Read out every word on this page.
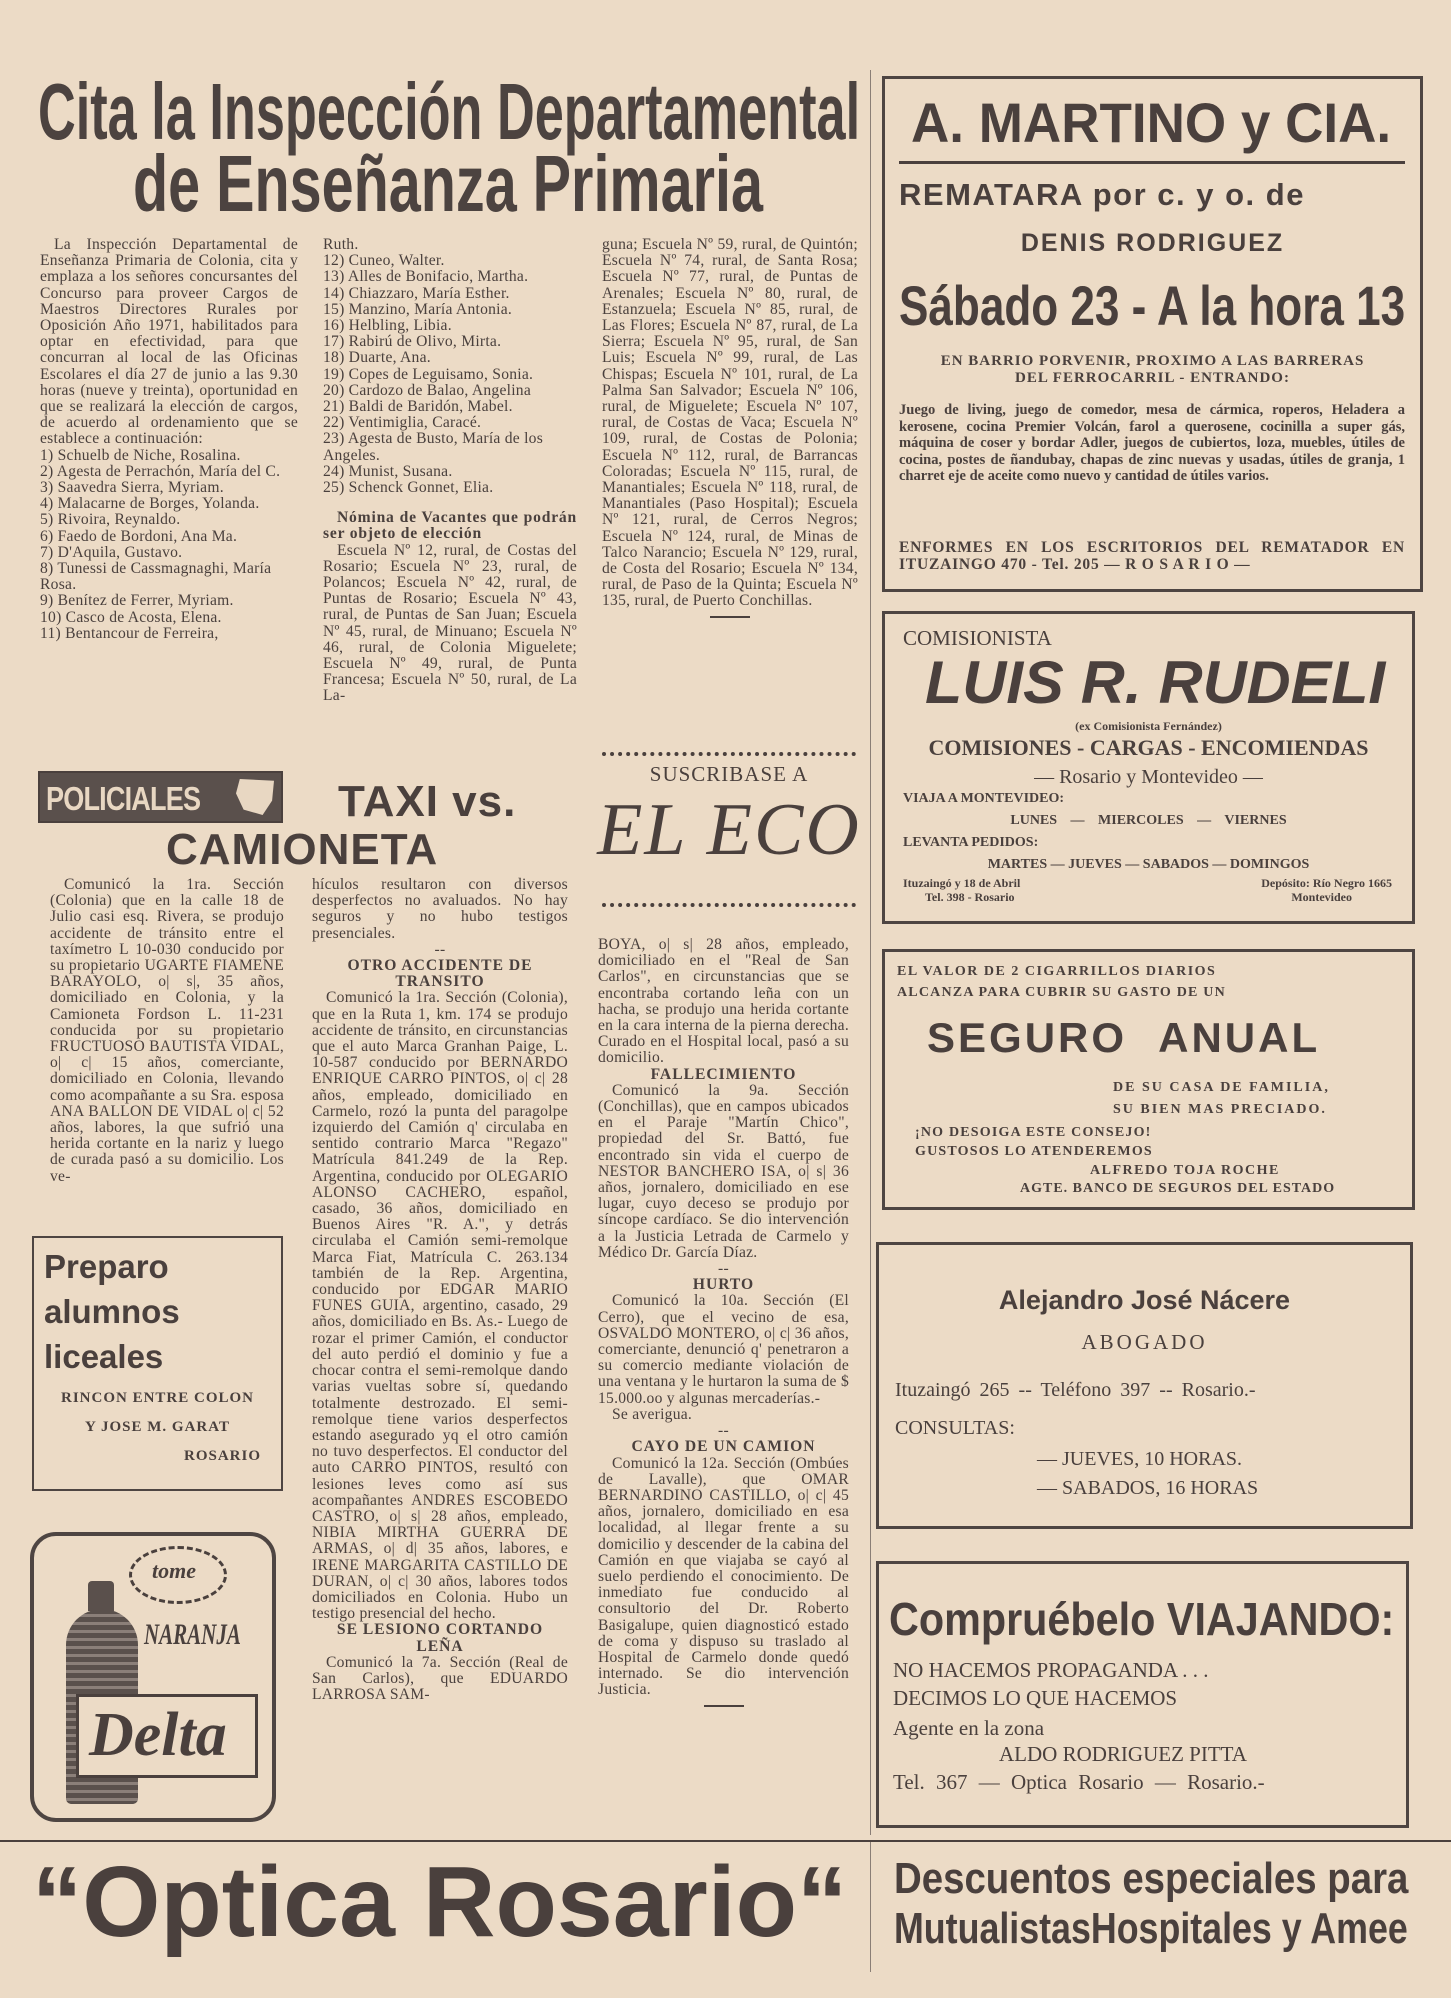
Cita la Inspección Departamental
de Enseñanza Primaria

La Inspección Departamental de Enseñanza Primaria de Colonia, cita y emplaza a los señores concursantes del Concurso para proveer Cargos de Maestros Directores Rurales por Oposición Año 1971, habilitados para optar en efectividad, para que concurran al local de las Oficinas Escolares el día 27 de junio a las 9.30 horas (nueve y treinta), oportunidad en que se realizará la elección de cargos, de acuerdo al ordenamiento que se establece a continuación:

1) Schuelb de Niche, Rosalina.

2) Agesta de Perrachón, María del C.

3) Saavedra Sierra, Myriam.

4) Malacarne de Borges, Yolanda.

5) Rivoira, Reynaldo.

6) Faedo de Bordoni, Ana Ma.

7) D'Aquila, Gustavo.

8) Tunessi de Cassmagnaghi, María Rosa.

9) Benítez de Ferrer, Myriam.

10) Casco de Acosta, Elena.

11) Bentancour de Ferreira,

Ruth.

12) Cuneo, Walter.

13) Alles de Bonifacio, Martha.

14) Chiazzaro, María Esther.

15) Manzino, María Antonia.

16) Helbling, Libia.

17) Rabirú de Olivo, Mirta.

18) Duarte, Ana.

19) Copes de Leguisamo, Sonia.

20) Cardozo de Balao, Angelina

21) Baldi de Baridón, Mabel.

22) Ventimiglia, Caracé.

23) Agesta de Busto, María de los Angeles.

24) Munist, Susana.

25) Schenck Gonnet, Elia.

Nómina de Vacantes que podrán ser objeto de elección

Escuela Nº 12, rural, de Costas del Rosario; Escuela Nº 23, rural, de Polancos; Escuela Nº 42, rural, de Puntas de Rosario; Escuela Nº 43, rural, de Puntas de San Juan; Escuela Nº 45, rural, de Minuano; Escuela Nº 46, rural, de Colonia Miguelete; Escuela Nº 49, rural, de Punta Francesa; Escuela Nº 50, rural, de La La-

guna; Escuela Nº 59, rural, de Quintón; Escuela Nº 74, rural, de Santa Rosa; Escuela Nº 77, rural, de Puntas de Arenales; Escuela Nº 80, rural, de Estanzuela; Escuela Nº 85, rural, de Las Flores; Escuela Nº 87, rural, de La Sierra; Escuela Nº 95, rural, de San Luis; Escuela Nº 99, rural, de Las Chispas; Escuela Nº 101, rural, de La Palma San Salvador; Escuela Nº 106, rural, de Miguelete; Escuela Nº 107, rural, de Costas de Vaca; Escuela Nº 109, rural, de Costas de Polonia; Escuela Nº 112, rural, de Barrancas Coloradas; Escuela Nº 115, rural, de Manantiales; Escuela Nº 118, rural, de Manantiales (Paso Hospital); Escuela Nº 121, rural, de Cerros Negros; Escuela Nº 124, rural, de Minas de Talco Narancio; Escuela Nº 129, rural, de Costa del Rosario; Escuela Nº 134, rural, de Paso de la Quinta; Escuela Nº 135, rural, de Puerto Conchillas.

SUSCRIBASE A
EL ECO
POLICIALES	TAXI vs.
CAMIONETA

Comunicó la 1ra. Sección (Colonia) que en la calle 18 de Julio casi esq. Rivera, se produjo accidente de tránsito entre el taxímetro L 10-030 conducido por su propietario UGARTE FIAMENE BARAYOLO, o| s|, 35 años, domiciliado en Colonia, y la Camioneta Fordson L. 11-231 conducida por su propietario FRUCTUOSO BAUTISTA VIDAL, o| c| 15 años, comerciante, domiciliado en Colonia, llevando como acompañante a su Sra. esposa ANA BALLON DE VIDAL o| c| 52 años, labores, la que sufrió una herida cortante en la nariz y luego de curada pasó a su domicilio. Los ve-

hículos resultaron con diversos desperfectos no avaluados. No hay seguros y no hubo testigos presenciales.

--

OTRO ACCIDENTE DE TRANSITO

Comunicó la 1ra. Sección (Colonia), que en la Ruta 1, km. 174 se produjo accidente de tránsito, en circunstancias que el auto Marca Granhan Paige, L. 10-587 conducido por BERNARDO ENRIQUE CARRO PINTOS, o| c| 28 años, empleado, domiciliado en Carmelo, rozó la punta del paragolpe izquierdo del Camión q' circulaba en sentido contrario Marca "Regazo" Matrícula 841.249 de la Rep. Argentina, conducido por OLEGARIO ALONSO CACHERO, español, casado, 36 años, domiciliado en Buenos Aires "R. A.", y detrás circulaba el Camión semi-remolque Marca Fiat, Matrícula C. 263.134 también de la Rep. Argentina, conducido por EDGAR MARIO FUNES GUIA, argentino, casado, 29 años, domiciliado en Bs. As.- Luego de rozar el primer Camión, el conductor del auto perdió el dominio y fue a chocar contra el semi-remolque dando varias vueltas sobre sí, quedando totalmente destrozado. El semi-remolque tiene varios desperfectos estando asegurado yq el otro camión no tuvo desperfectos. El conductor del auto CARRO PINTOS, resultó con lesiones leves como así sus acompañantes ANDRES ESCOBEDO CASTRO, o| s| 28 años, empleado, NIBIA MIRTHA GUERRA DE ARMAS, o| d| 35 años, labores, e IRENE MARGARITA CASTILLO DE DURAN, o| c| 30 años, labores todos domiciliados en Colonia. Hubo un testigo presencial del hecho.

SE LESIONO CORTANDO LEÑA

Comunicó la 7a. Sección (Real de San Carlos), que EDUARDO LARROSA SAM-

BOYA, o| s| 28 años, empleado, domiciliado en el "Real de San Carlos", en circunstancias que se encontraba cortando leña con un hacha, se produjo una herida cortante en la cara interna de la pierna derecha. Curado en el Hospital local, pasó a su domicilio.

FALLECIMIENTO

Comunicó la 9a. Sección (Conchillas), que en campos ubicados en el Paraje "Martín Chico", propiedad del Sr. Battó, fue encontrado sin vida el cuerpo de NESTOR BANCHERO ISA, o| s| 36 años, jornalero, domiciliado en ese lugar, cuyo deceso se produjo por síncope cardíaco. Se dio intervención a la Justicia Letrada de Carmelo y Médico Dr. García Díaz.

--

HURTO

Comunicó la 10a. Sección (El Cerro), que el vecino de esa, OSVALDO MONTERO, o| c| 36 años, comerciante, denunció q' penetraron a su comercio mediante violación de una ventana y le hurtaron la suma de $ 15.000.oo y algunas mercaderías.-

Se averigua.

--

CAYO DE UN CAMION

Comunicó la 12a. Sección (Ombúes de Lavalle), que OMAR BERNARDINO CASTILLO, o| c| 45 años, jornalero, domiciliado en esa localidad, al llegar frente a su domicilio y descender de la cabina del Camión en que viajaba se cayó al suelo perdiendo el conocimiento. De inmediato fue conducido al consultorio del Dr. Roberto Basigalupe, quien diagnosticó estado de coma y dispuso su traslado al Hospital de Carmelo donde quedó internado. Se dio intervención Justicia.

Preparo
alumnos
liceales
RINCON ENTRE COLON
Y JOSE M. GARAT
ROSARIO
tome
NARANJA
Delta
A. MARTINO y CIA.
REMATARA por c. y o. de
DENIS RODRIGUEZ
Sábado 23 - A la hora 13
EN BARRIO PORVENIR, PROXIMO A LAS BARRERAS DEL FERROCARRIL - ENTRANDO:
Juego de living, juego de comedor, mesa de cármica, roperos, Heladera a kerosene, cocina Premier Volcán, farol a querosene, cocinilla a super gás, máquina de coser y bordar Adler, juegos de cubiertos, loza, muebles, útiles de cocina, postes de ñandubay, chapas de zinc nuevas y usadas, útiles de granja, 1 charret eje de aceite como nuevo y cantidad de útiles varios.
ENFORMES EN LOS ESCRITORIOS DEL REMATADOR EN ITUZAINGO 470 - Tel. 205 — R O S A R I O —
COMISIONISTA
LUIS R. RUDELI
(ex Comisionista Fernández)
COMISIONES - CARGAS - ENCOMIENDAS
— Rosario y Montevideo —
VIAJA A MONTEVIDEO:
LUNES — MIERCOLES — VIERNES
LEVANTA PEDIDOS:
MARTES — JUEVES — SABADOS — DOMINGOS
Ituzaingó y 18 de Abril
Tel. 398 - Rosario
Depósito: Río Negro 1665
Montevideo
EL VALOR DE 2 CIGARRILLOS DIARIOS
ALCANZA PARA CUBRIR SU GASTO DE UN
SEGURO ANUAL
DE SU CASA DE FAMILIA,
SU BIEN MAS PRECIADO.
¡NO DESOIGA ESTE CONSEJO!
GUSTOSOS LO ATENDEREMOS
ALFREDO TOJA ROCHE
AGTE. BANCO DE SEGUROS DEL ESTADO
Alejandro José Nácere
ABOGADO
Ituzaingó 265 -- Teléfono 397 -- Rosario.-
CONSULTAS:
— JUEVES, 10 HORAS.
— SABADOS, 16 HORAS
Compruébelo VIAJANDO:
NO HACEMOS PROPAGANDA . . .
DECIMOS LO QUE HACEMOS
Agente en la zona
ALDO RODRIGUEZ PITTA
Tel. 367 — Optica Rosario — Rosario.-
“Optica Rosario“ Descuentos especiales para
MutualistasHospitales y Amee
